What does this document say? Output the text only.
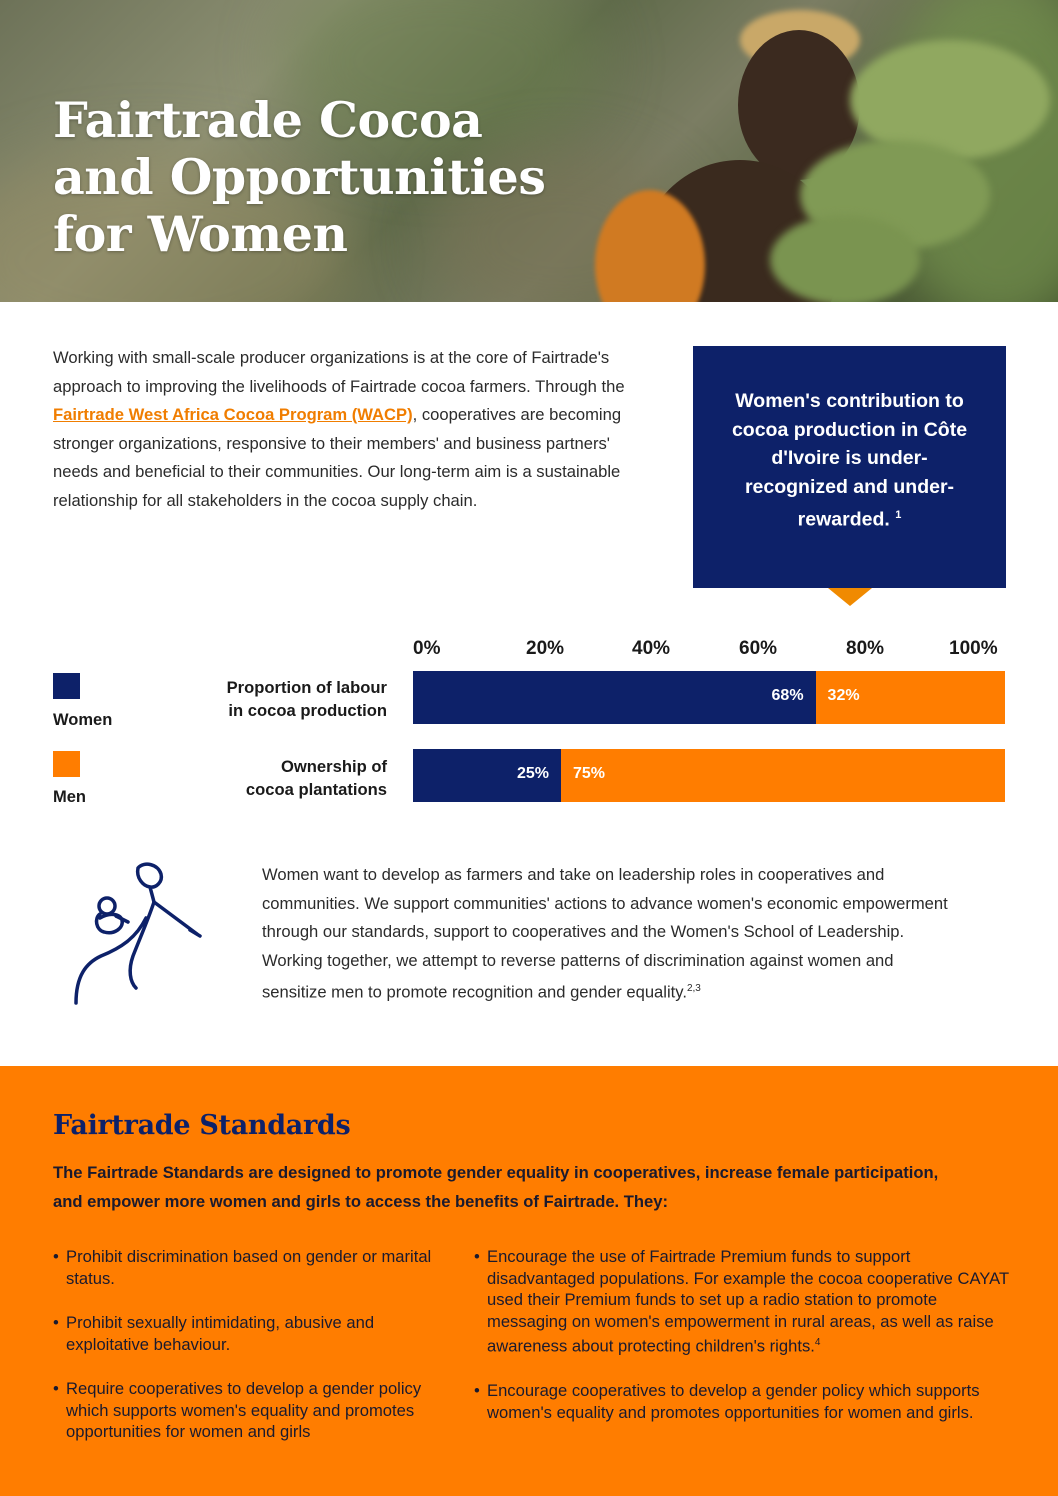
Fairtrade Cocoa
and Opportunities
for Women

Working with small-scale producer organizations is at the core of Fairtrade's approach to improving the livelihoods of Fairtrade cocoa farmers. Through the Fairtrade West Africa Cocoa Program (WACP), cooperatives are becoming stronger organizations, responsive to their members' and business partners' needs and beneficial to their communities. Our long-term aim is a sustainable relationship for all stakeholders in the cocoa supply chain.

Women's contribution to cocoa production in Côte d'Ivoire is under-recognized and under-rewarded. $^1$
0%	20%	40%	60%	80%	100%
Women
Men
Proportion of labour
in cocoa production
Ownership of
cocoa plantations
68% 32%
25% 75%

Women want to develop as farmers and take on leadership roles in cooperatives and communities. We support communities' actions to advance women's economic empowerment through our standards, support to cooperatives and the Women's School of Leadership. Working together, we attempt to reverse patterns of discrimination against women and sensitize men to promote recognition and gender equality.$^{2,3}$

Fairtrade Standards

The Fairtrade Standards are designed to promote gender equality in cooperatives, increase female participation, and empower more women and girls to access the benefits of Fairtrade. They:

• Prohibit discrimination based on gender or marital status.
• Prohibit sexually intimidating, abusive and exploitative behaviour.
• Require cooperatives to develop a gender policy which supports women's equality and promotes opportunities for women and girls
• Encourage the use of Fairtrade Premium funds to support disadvantaged populations. For example the cocoa cooperative CAYAT used their Premium funds to set up a radio station to promote messaging on women's empowerment in rural areas, as well as raise awareness about protecting children's rights.$^4$
• Encourage cooperatives to develop a gender policy which supports women's equality and promotes opportunities for women and girls.
